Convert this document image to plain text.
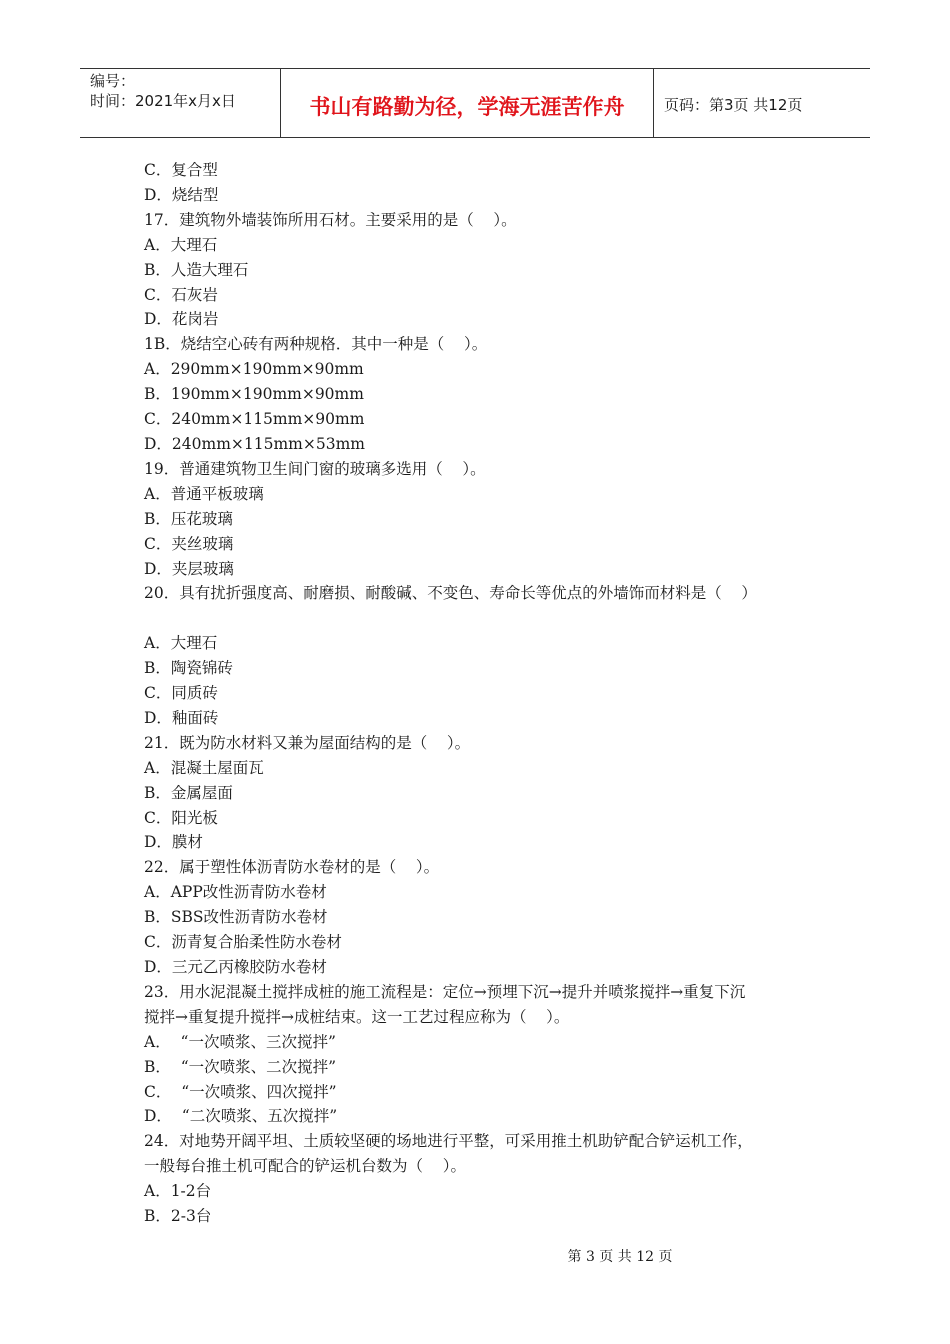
编号：
时间：2021年x月x日	书山有路勤为径，学海无涯苦作舟	页码：第3页 共12页
C．复合型
D．烧结型
17．建筑物外墙装饰所用石材。主要采用的是（    ）。
A．大理石
B．人造大理石
C．石灰岩
D．花岗岩
1B．烧结空心砖有两种规格．其中一种是（    ）。
A．290mm×190mm×90mm
B．190mm×190mm×90mm
C．240mm×115mm×90mm
D．240mm×115mm×53mm
19．普通建筑物卫生间门窗的玻璃多选用（    ）。
A．普通平板玻璃
B．压花玻璃
C．夹丝玻璃
D．夹层玻璃
20．具有扰折强度高、耐磨损、耐酸碱、不变色、寿命长等优点的外墙饰而材料是（    ）
A．大理石
B．陶瓷锦砖
C．同质砖
D．釉面砖
21．既为防水材料又兼为屋面结构的是（    ）。
A．混凝土屋面瓦
B．金属屋面
C．阳光板
D．膜材
22．属于塑性体沥青防水卷材的是（    ）。
A．APP改性沥青防水卷材
B．SBS改性沥青防水卷材
C．沥青复合胎柔性防水卷材
D．三元乙丙橡胶防水卷材
23．用水泥混凝土搅拌成桩的施工流程是：定位→预埋下沉→提升并喷浆搅拌→重复下沉
搅拌→重复提升搅拌→成桩结束。这一工艺过程应称为（    ）。
A．  “一次喷浆、三次搅拌”
B．  “一次喷浆、二次搅拌”
C．  “一次喷浆、四次搅拌”
D．  “二次喷浆、五次搅拌”
24．对地势开阔平坦、土质较坚硬的场地进行平整，可采用推土机助铲配合铲运机工作，
一般每台推土机可配合的铲运机台数为（    ）。
A．1-2台
B．2-3台
第 3 页 共 12 页
